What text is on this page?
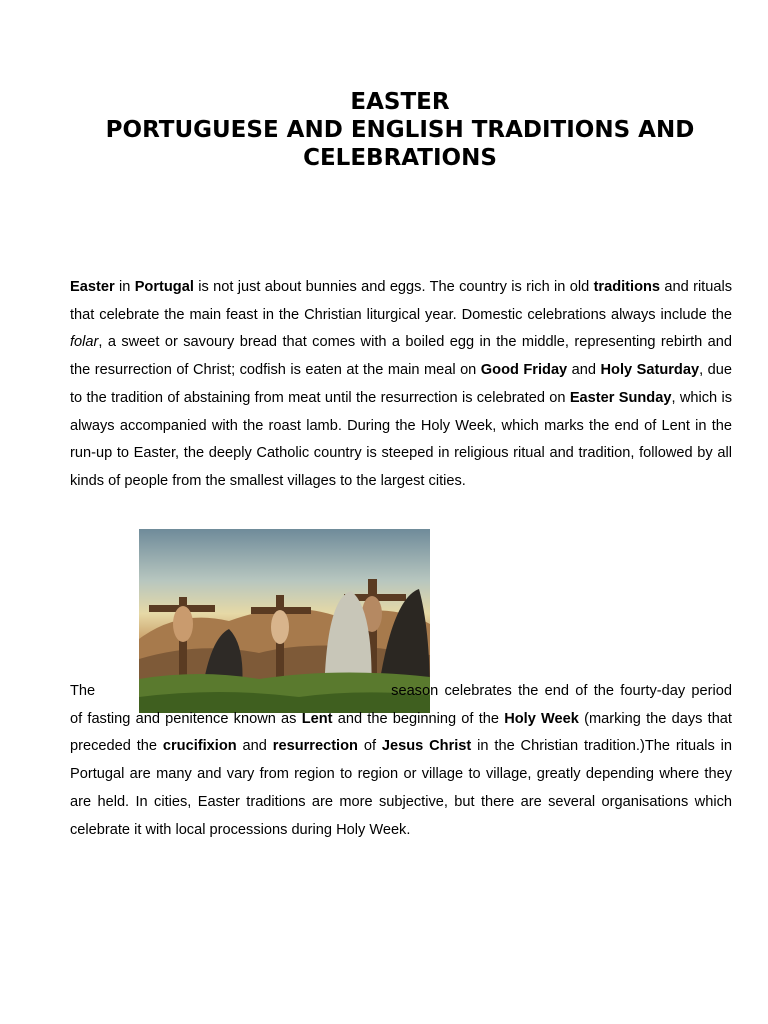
EASTER
PORTUGUESE AND ENGLISH TRADITIONS AND
CELEBRATIONS

Easter in Portugal is not just about bunnies and eggs. The country is rich in old traditions and rituals that celebrate the main feast in the Christian liturgical year. Domestic celebrations always include the folar, a sweet or savoury bread that comes with a boiled egg in the middle, representing rebirth and the resurrection of Christ; codfish is eaten at the main meal on Good Friday and Holy Saturday, due to the tradition of abstaining from meat until the resurrection is celebrated on Easter Sunday, which is always accompanied with the roast lamb. During the Holy Week, which marks the end of Lent in the run-up to Easter, the deeply Catholic country is steeped in religious ritual and tradition, followed by all kinds of people from the smallest villages to the largest cities.

The	season celebrates the end of the fourty-day period of fasting and penitence known as Lent and the beginning of the Holy Week (marking the days that preceded the crucifixion and resurrection of Jesus Christ in the Christian tradition.)The rituals in Portugal are many and vary from region to region or village to village, greatly depending where they are held. In cities, Easter traditions are more subjective, but there are several organisations which celebrate it with local processions during Holy Week.
